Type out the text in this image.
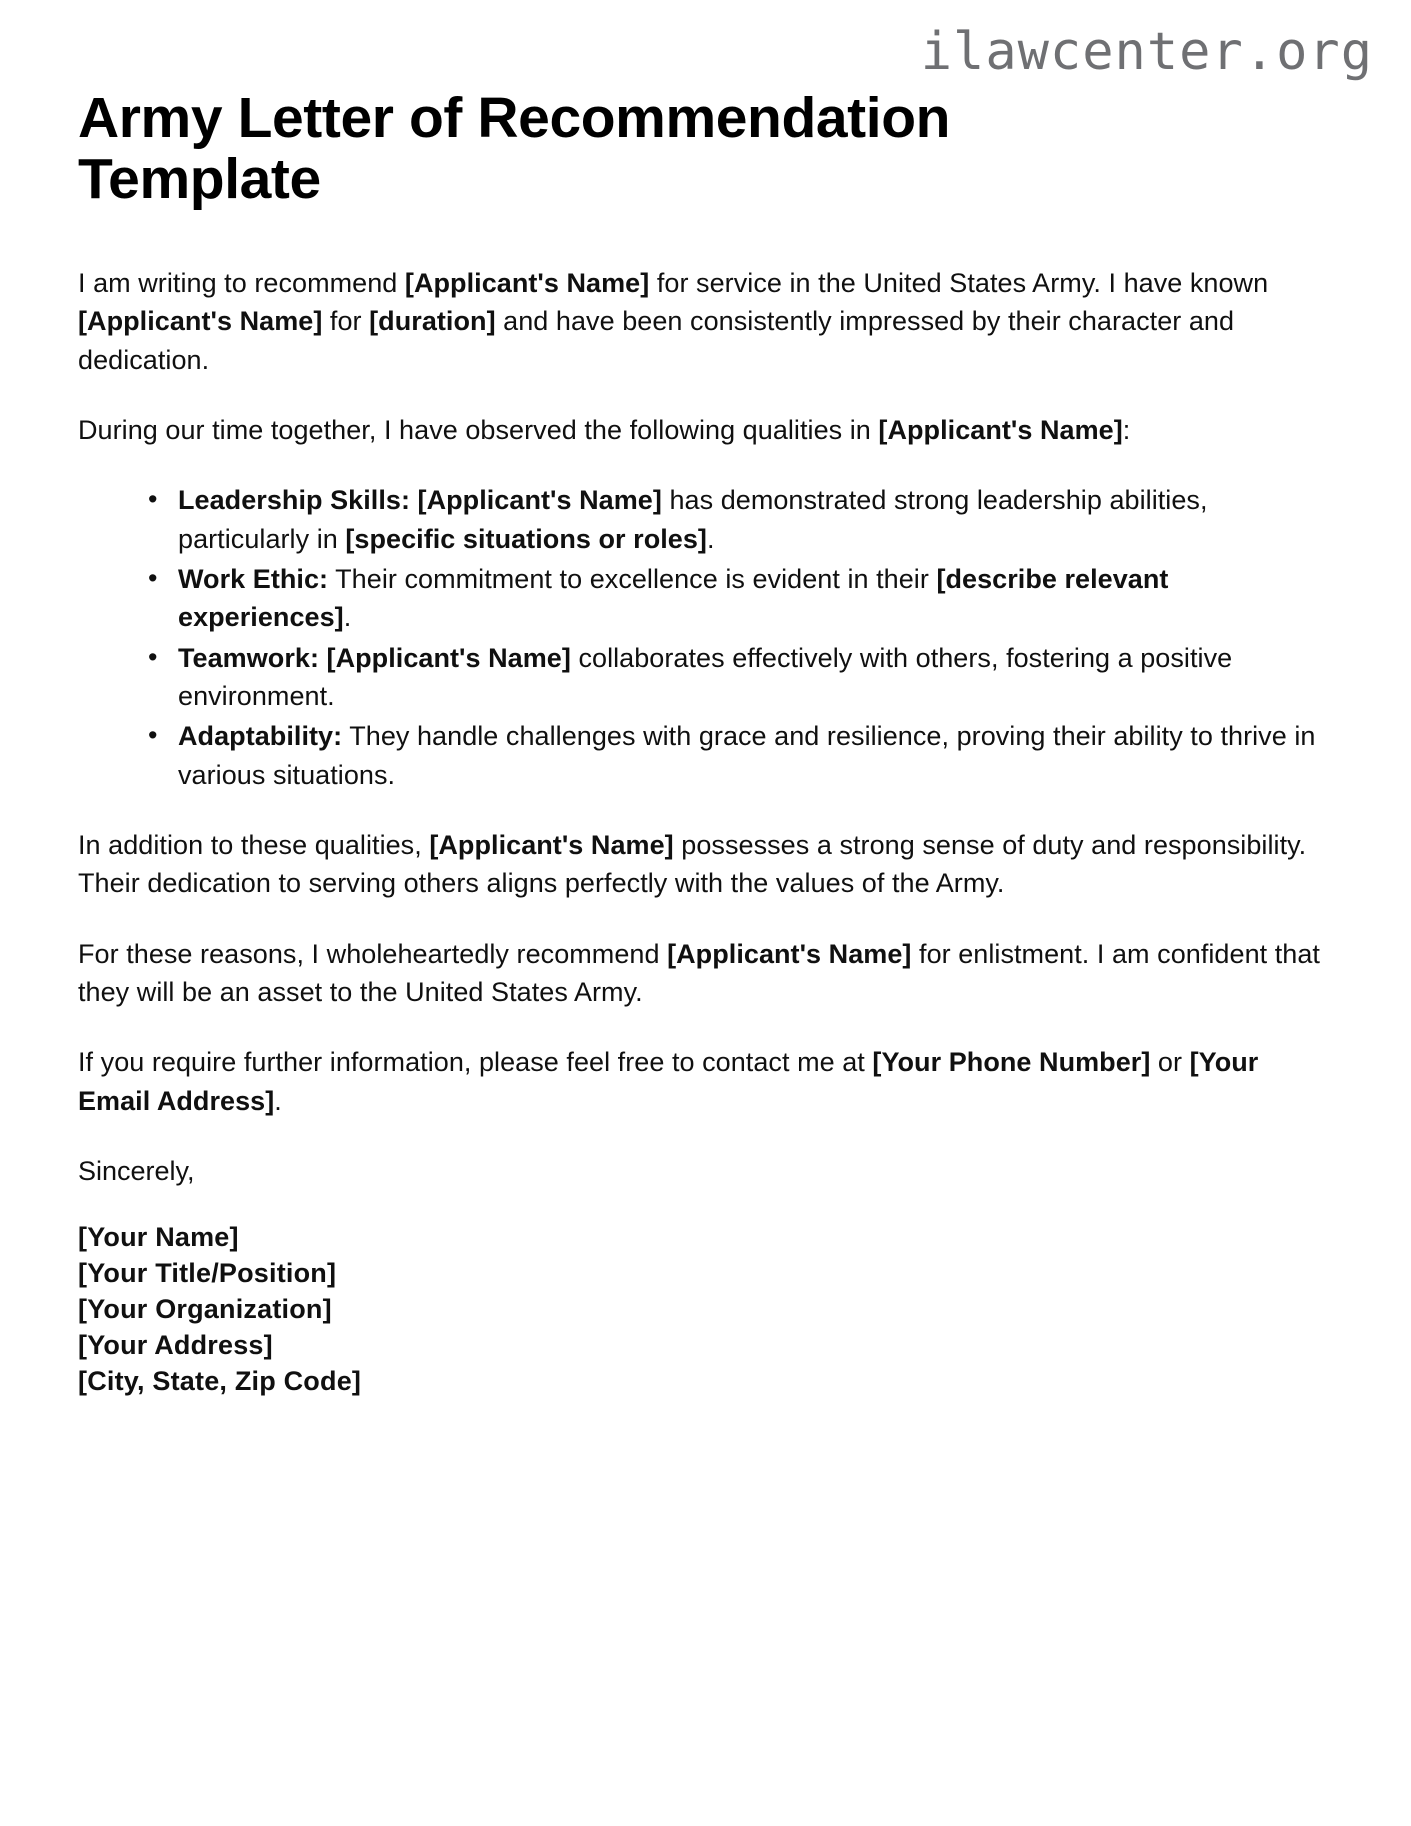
ilawcenter.org
Army Letter of Recommendation Template

I am writing to recommend [Applicant's Name] for service in the United States Army. I have known [Applicant's Name] for [duration] and have been consistently impressed by their character and dedication.

During our time together, I have observed the following qualities in [Applicant's Name]:

• Leadership Skills: [Applicant's Name] has demonstrated strong leadership abilities, particularly in [specific situations or roles].
• Work Ethic: Their commitment to excellence is evident in their [describe relevant experiences].
• Teamwork: [Applicant's Name] collaborates effectively with others, fostering a positive environment.
• Adaptability: They handle challenges with grace and resilience, proving their ability to thrive in various situations.

In addition to these qualities, [Applicant's Name] possesses a strong sense of duty and responsibility. Their dedication to serving others aligns perfectly with the values of the Army.

For these reasons, I wholeheartedly recommend [Applicant's Name] for enlistment. I am confident that they will be an asset to the United States Army.

If you require further information, please feel free to contact me at [Your Phone Number] or [Your Email Address].

Sincerely,

[Your Name]
[Your Title/Position]
[Your Organization]
[Your Address]
[City, State, Zip Code]
